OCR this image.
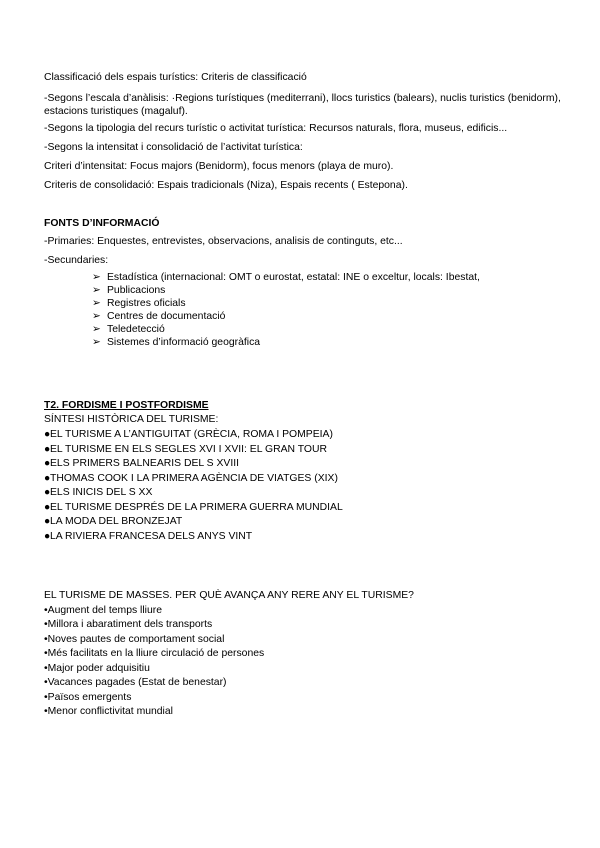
Classificació dels espais turístics: Criteris de classificació
-Segons l’escala d’anàlisis: ·Regions turístiques (mediterrani), llocs turistics (balears), nuclis turistics (benidorm), estacions turistiques (magaluf).
-Segons la tipologia del recurs turístic o activitat turística: Recursos naturals, flora, museus, edificis...
-Segons la intensitat i consolidació de l’activitat turística:
Criteri d’intensitat: Focus majors (Benidorm), focus menors (playa de muro).
Criteris de consolidació: Espais tradicionals (Niza), Espais recents ( Estepona).
FONTS D’INFORMACIÓ
-Primaries: Enquestes, entrevistes, observacions, analisis de continguts, etc...
-Secundaries:
➢ Estadística (internacional: OMT o eurostat, estatal: INE o exceltur, locals: Ibestat,
➢ Publicacions
➢ Registres oficials
➢ Centres de documentació
➢ Teledetecció
➢ Sistemes d’informació geogràfica
T2. FORDISME I POSTFORDISME
SÍNTESI HISTÒRICA DEL TURISME:
●EL TURISME A L’ANTIGUITAT (GRÈCIA, ROMA I POMPEIA)
●EL TURISME EN ELS SEGLES XVI I XVII: EL GRAN TOUR
●ELS PRIMERS BALNEARIS DEL S XVIII
●THOMAS COOK I LA PRIMERA AGÈNCIA DE VIATGES (XIX)
●ELS INICIS DEL S XX
●EL TURISME DESPRÉS DE LA PRIMERA GUERRA MUNDIAL
●LA MODA DEL BRONZEJAT
●LA RIVIERA FRANCESA DELS ANYS VINT
EL TURISME DE MASSES. PER QUÈ AVANÇA ANY RERE ANY EL TURISME?
•Augment del temps lliure
•Millora i abaratiment dels transports
•Noves pautes de comportament social
•Més facilitats en la lliure circulació de persones
•Major poder adquisitiu
•Vacances pagades (Estat de benestar)
•Països emergents
•Menor conflictivitat mundial
